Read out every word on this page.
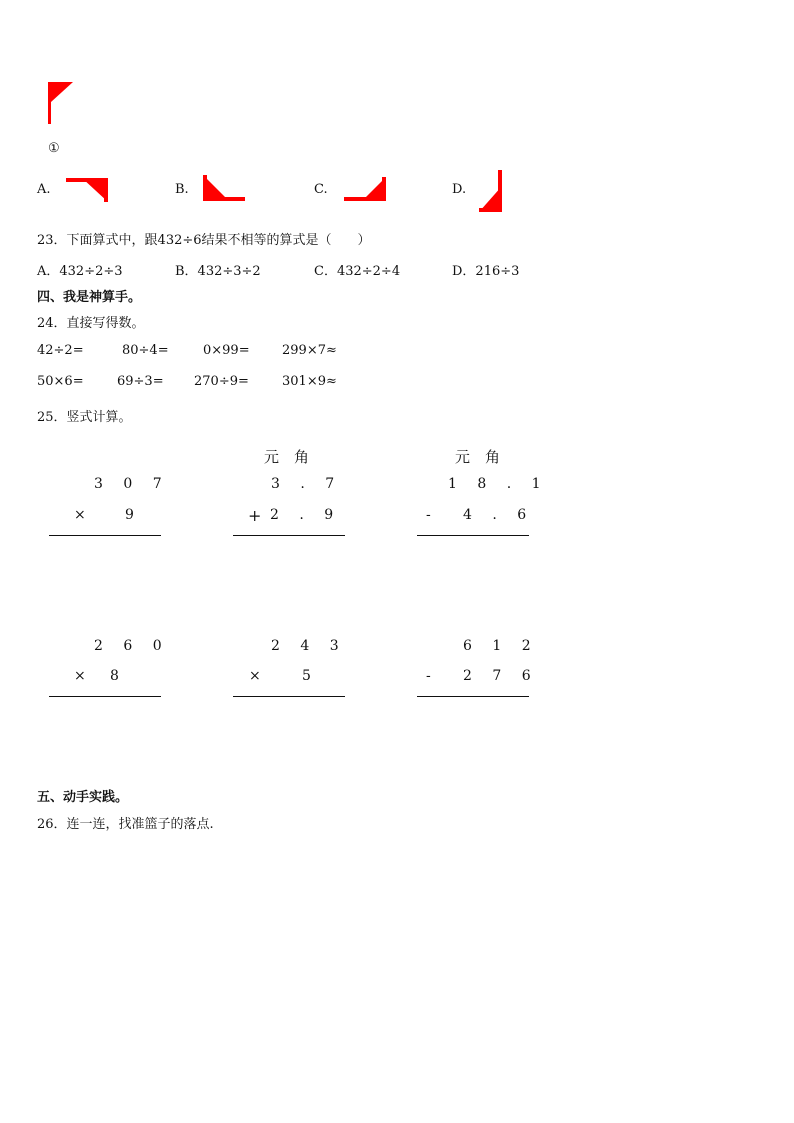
①
A.	B.	C.	D.
23．下面算式中，跟432÷6结果不相等的算式是（　　）
A．432÷2÷3	B．432÷3÷2	C．432÷2÷4	D．216÷3
四、我是神算手。
24．直接写得数。
42÷2=	80÷4=	0×99= 299×7≈
50×6=	69÷3= 270÷9=	301×9≈
25．竖式计算。
3 0 7
× 9
元　角
3 . 7
+ 2 . 9
元　角
1 8 . 1
- 4 . 6
2 6 0
× 8
2 4 3
× 5
6 1 2
- 2 7 6
五、动手实践。
26．连一连，找准篮子的落点.
